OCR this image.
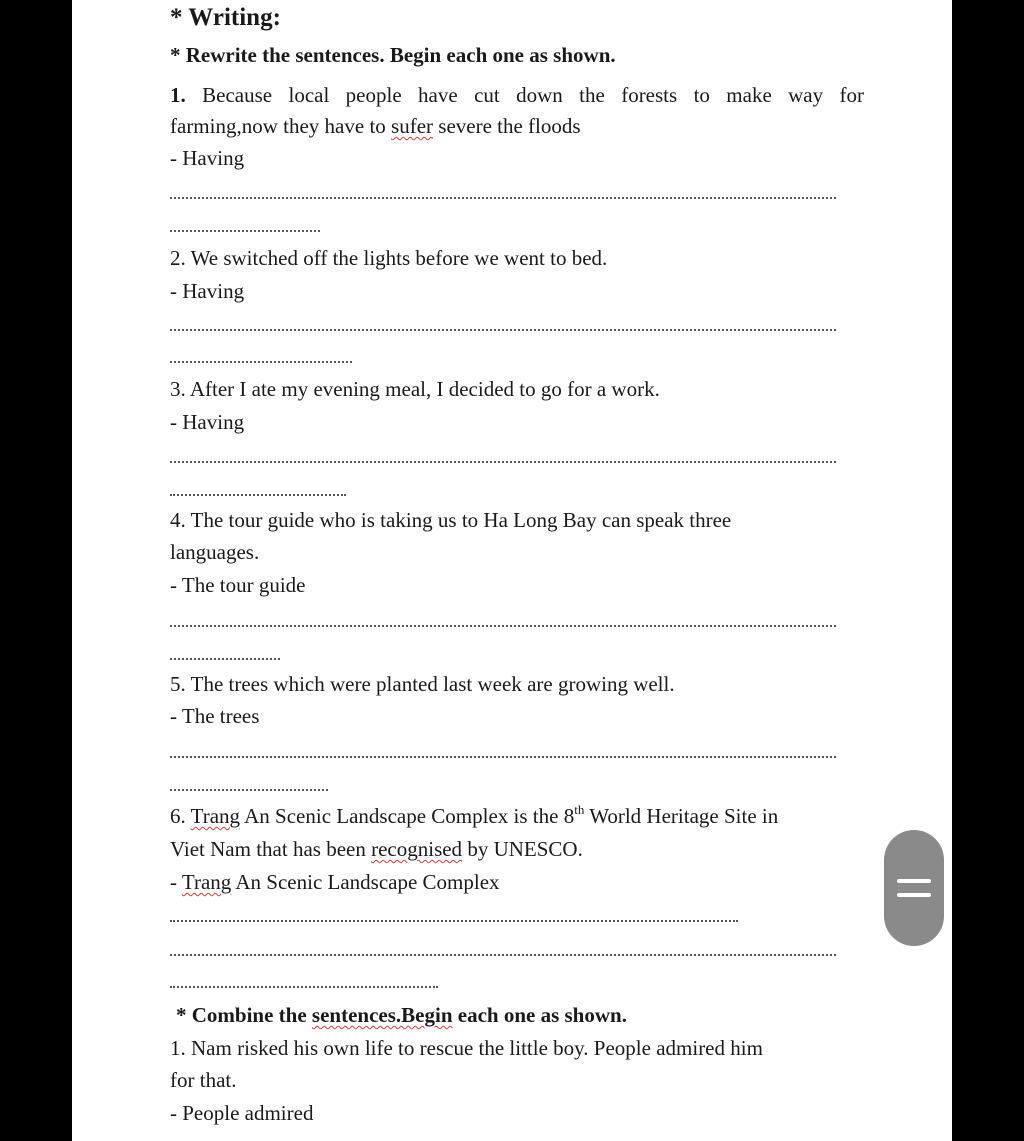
* Writing:
* Rewrite the sentences. Begin each one as shown.
1. Because local people have cut down the forests to make way for
farming,now they have to sufer severe the floods
- Having
2. We switched off the lights before we went to bed.
- Having
3. After I ate my evening meal, I decided to go for a work.
- Having
4. The tour guide who is taking us to Ha Long Bay can speak three
languages.
- The tour guide
5. The trees which were planted last week are growing well.
- The trees
6. Trang An Scenic Landscape Complex is the 8th World Heritage Site in
Viet Nam that has been recognised by UNESCO.
- Trang An Scenic Landscape Complex
* Combine the sentences.Begin each one as shown.
1. Nam risked his own life to rescue the little boy. People admired him
for that.
- People admired
